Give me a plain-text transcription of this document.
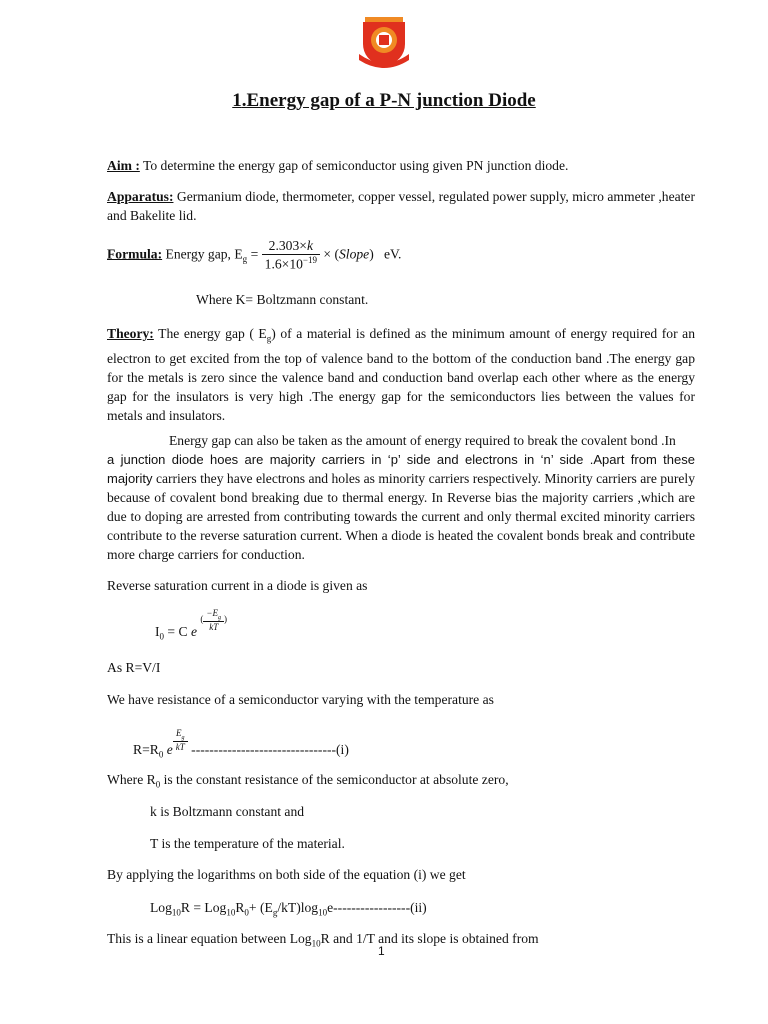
1.Energy gap of a P-N junction Diode
Aim : To determine the energy gap of semiconductor using given PN junction diode.
Apparatus: Germanium diode, thermometer, copper vessel, regulated power supply, micro ammeter ,heater and Bakelite lid.
Formula: Energy gap, $E_g = \frac{2.303\times k}{1.6\times 10^{-19}}$ × (Slope) eV.
Where K= Boltzmann constant.
Theory: The energy gap ( $E_g$) of a material is defined as the minimum amount of energy required for an electron to get excited from the top of valence band to the bottom of the conduction band .The energy gap for the metals is zero since the valence band and conduction band overlap each other where as the energy gap for the insulators is very high .The energy gap for the semiconductors lies between the values for metals and insulators.
Energy gap can also be taken as the amount of energy required to break the covalent bond .In
a junction diode hoes are majority carriers in ‘p’ side and electrons in ‘n’ side .Apart from these majority carriers they have electrons and holes as minority carriers respectively. Minority carriers are purely because of covalent bond breaking due to thermal energy. In Reverse bias the majority carriers ,which are due to doping are arrested from contributing towards the current and only thermal excited minority carriers contribute to the reverse saturation current. When a diode is heated the covalent bonds break and contribute more charge carriers for conduction.
Reverse saturation current in a diode is given as
$I_0 = C$ e ( $\frac{-E_g}{kT}$ )
As R=V/I
We have resistance of a semiconductor varying with the temperature as
$R=R_0$ e $\frac{E_g}{kT} --------------------------------(i)$
Where $R_0$ is the constant resistance of the semiconductor at absolute zero,
k is Boltzmann constant and
T is the temperature of the material.
By applying the logarithms on both side of the equation (i) we get
$Log_{10}R = Log_{10}R_0+ (E_g/kT)\log_{10}e-----------------(ii)$
This is a linear equation between Log$_{10}$R and 1/T and its slope is obtained from
1
